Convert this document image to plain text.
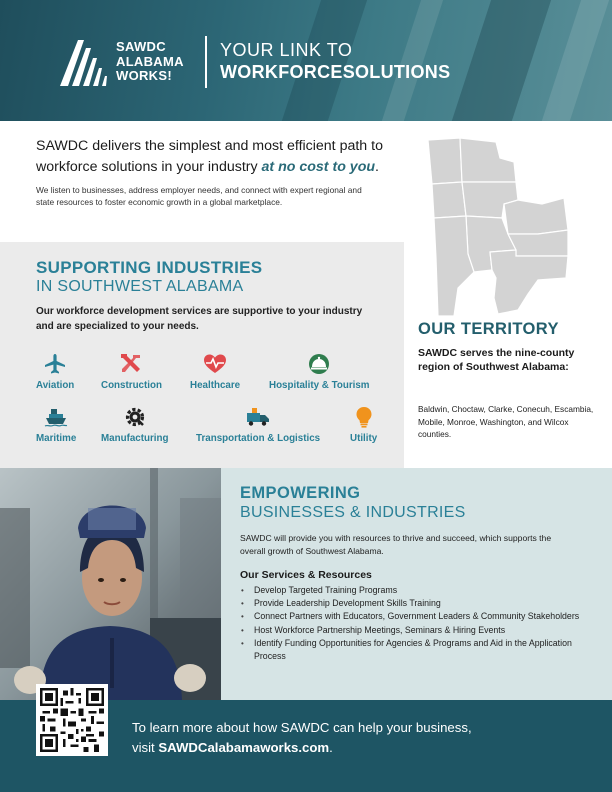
SAWDC
ALABAMA
WORKS!
YOUR LINK TO
WORKFORCESOLUTIONS

SAWDC delivers the simplest and most efficient path to workforce solutions in your industry at no cost to you.

We listen to businesses, address employer needs, and connect with expert regional and state resources to foster economic growth in a global marketplace.

SUPPORTING INDUSTRIES
IN SOUTHWEST ALABAMA

Our workforce development services are supportive to your industry and are specialized to your needs.

Aviation	Construction	Healthcare	Hospitality & Tourism
Maritime	Manufacturing	Transportation & Logistics	Utility
OUR TERRITORY

SAWDC serves the nine-county region of Southwest Alabama:

Baldwin, Choctaw, Clarke, Conecuh, Escambia, Mobile, Monroe, Washington, and Wilcox counties.

EMPOWERING
BUSINESSES & INDUSTRIES

SAWDC will provide you with resources to thrive and succeed, which supports the overall growth of Southwest Alabama.

Our Services & Resources
• Develop Targeted Training Programs
• Provide Leadership Development Skills Training
• Connect Partners with Educators, Government Leaders & Community Stakeholders
• Host Workforce Partnership Meetings, Seminars & Hiring Events
• Identify Funding Opportunities for Agencies & Programs and Aid in the Application Process
To learn more about how SAWDC can help your business,
visit SAWDCalabamaworks.com.
